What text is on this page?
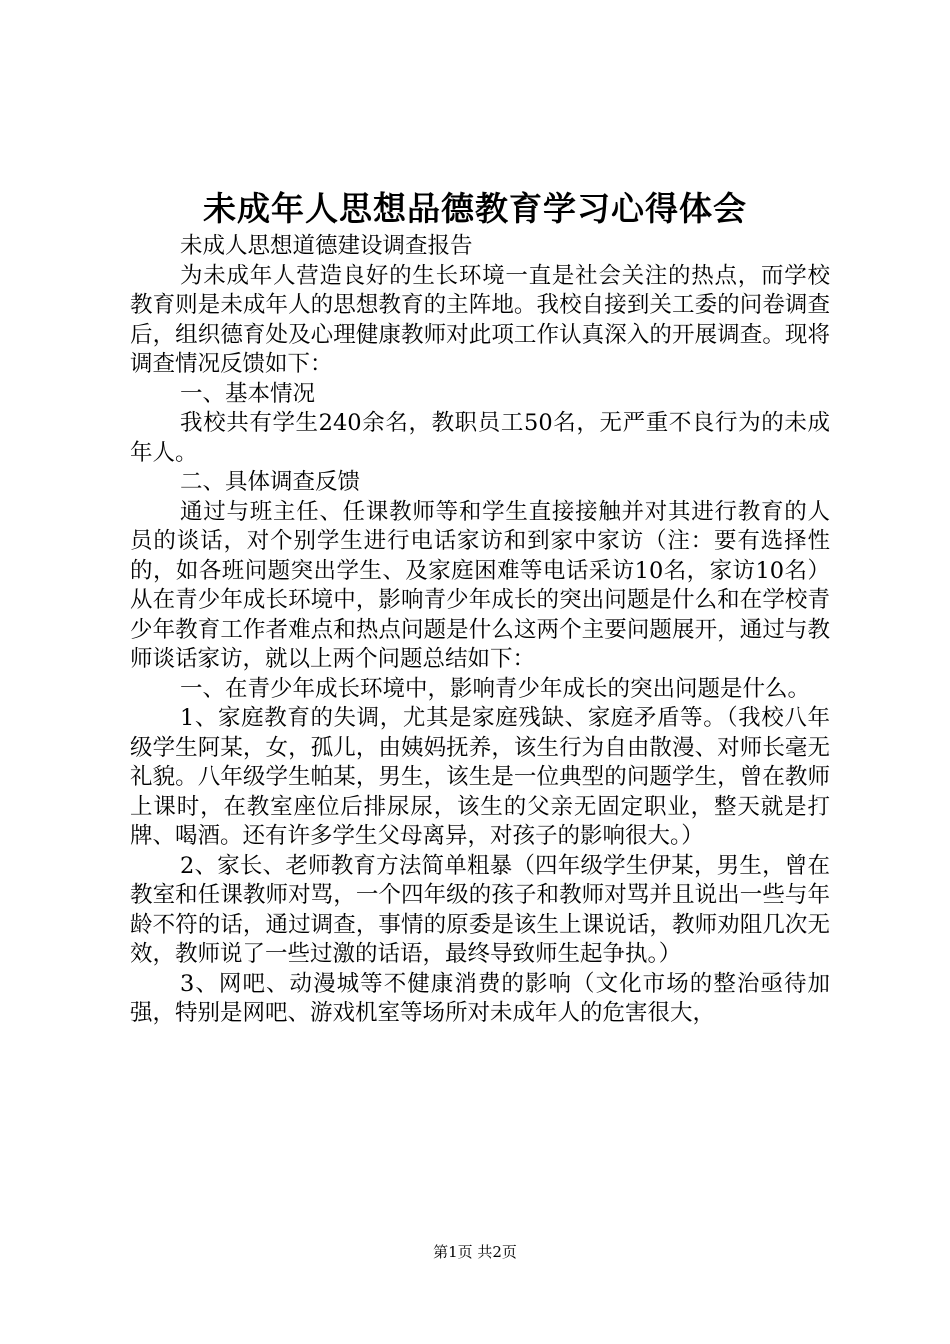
未成年人思想品德教育学习心得体会

未成人思想道德建设调查报告

为未成年人营造良好的生长环境一直是社会关注的热点，而学校教育则是未成年人的思想教育的主阵地。我校自接到关工委的问卷调查后，组织德育处及心理健康教师对此项工作认真深入的开展调查。现将调查情况反馈如下：

一、基本情况

我校共有学生240余名，教职员工50名，无严重不良行为的未成年人。

二、具体调查反馈

通过与班主任、任课教师等和学生直接接触并对其进行教育的人员的谈话，对个别学生进行电话家访和到家中家访（注：要有选择性的，如各班问题突出学生、及家庭困难等电话采访10名，家访10名）从在青少年成长环境中，影响青少年成长的突出问题是什么和在学校青少年教育工作者难点和热点问题是什么这两个主要问题展开，通过与教师谈话家访，就以上两个问题总结如下：

一、在青少年成长环境中，影响青少年成长的突出问题是什么。

1、家庭教育的失调，尤其是家庭残缺、家庭矛盾等。（我校八年级学生阿某，女，孤儿，由姨妈抚养，该生行为自由散漫、对师长毫无礼貌。八年级学生帕某，男生，该生是一位典型的问题学生，曾在教师上课时，在教室座位后排尿尿，该生的父亲无固定职业，整天就是打牌、喝酒。还有许多学生父母离异，对孩子的影响很大。）

2、家长、老师教育方法简单粗暴（四年级学生伊某，男生，曾在教室和任课教师对骂，一个四年级的孩子和教师对骂并且说出一些与年龄不符的话，通过调查，事情的原委是该生上课说话，教师劝阻几次无效，教师说了一些过激的话语，最终导致师生起争执。）

3、网吧、动漫城等不健康消费的影响（文化市场的整治亟待加强，特别是网吧、游戏机室等场所对未成年人的危害很大，

第1页 共2页
